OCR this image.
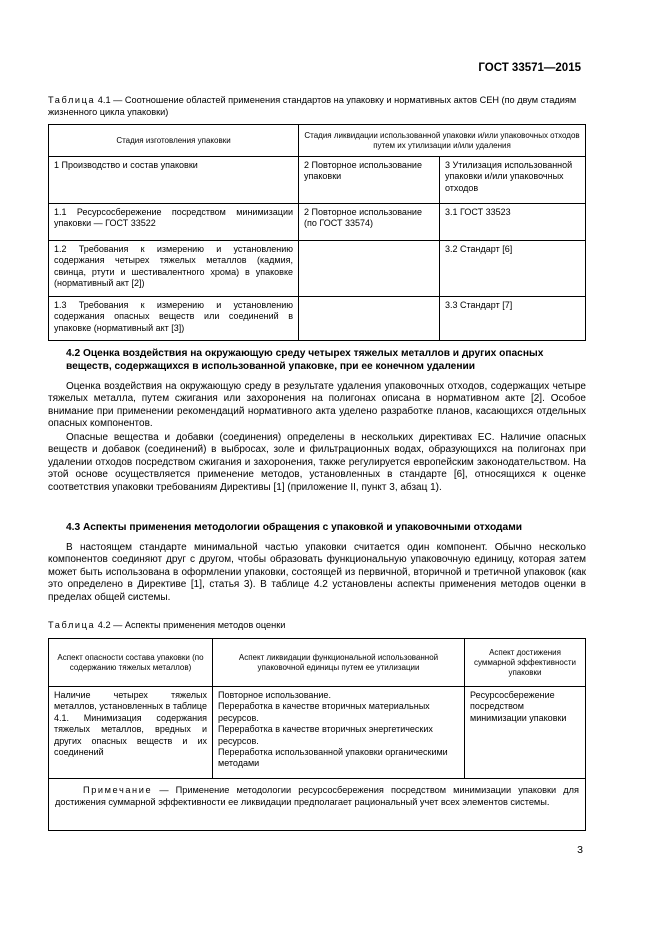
ГОСТ 33571—2015
Таблица 4.1 — Соотношение областей применения стандартов на упаковку и нормативных актов СЕН (по двум стадиям жизненного цикла упаковки)
Стадия изготовления упаковки	Стадия ликвидации использованной упаковки и/или упаковочных отходов путем их утилизации и/или удаления	
1 Производство и состав упаковки	2 Повторное использование упаковки	3 Утилизация использованной упаковки и/или упаковочных отходов
1.1 Ресурсосбережение посредством минимизации упаковки — ГОСТ 33522	2 Повторное использование (по ГОСТ 33574)	3.1 ГОСТ 33523
1.2 Требования к измерению и установлению содержания четырех тяжелых металлов (кадмия, свинца, ртути и шестивалентного хрома) в упаковке (нормативный акт [2])		3.2 Стандарт [6]
1.3 Требования к измерению и установлению содержания опасных веществ или соединений в упаковке (нормативный акт [3])		3.3 Стандарт [7]
4.2 Оценка воздействия на окружающую среду четырех тяжелых металлов и других опасных веществ, содержащихся в использованной упаковке, при ее конечном удалении

Оценка воздействия на окружающую среду в результате удаления упаковочных отходов, содержащих четыре тяжелых металла, путем сжигания или захоронения на полигонах описана в нормативном акте [2]. Особое внимание при применении рекомендаций нормативного акта уделено разработке планов, касающихся отдельных опасных компонентов.

Опасные вещества и добавки (соединения) определены в нескольких директивах ЕС. Наличие опасных веществ и добавок (соединений) в выбросах, золе и фильтрационных водах, образующихся на полигонах при удалении отходов посредством сжигания и захоронения, также регулируется европейским законодательством. На этой основе осуществляется применение методов, установленных в стандарте [6], относящихся к оценке соответствия упаковки требованиям Директивы [1] (приложение II, пункт 3, абзац 1).

4.3 Аспекты применения методологии обращения с упаковкой и упаковочными отходами

В настоящем стандарте минимальной частью упаковки считается один компонент. Обычно несколько компонентов соединяют друг с другом, чтобы образовать функциональную упаковочную единицу, которая затем может быть использована в оформлении упаковки, состоящей из первичной, вторичной и третичной упаковок (как это определено в Директиве [1], статья 3). В таблице 4.2 установлены аспекты применения методов оценки в пределах общей системы.

Таблица 4.2 — Аспекты применения методов оценки
Аспект опасности состава упаковки (по содержанию тяжелых металлов)	Аспект ликвидации функциональной использованной упаковочной единицы путем ее утилизации	Аспект достижения суммарной эффективности упаковки
Наличие четырех тяжелых металлов, установленных в таблице 4.1. Минимизация содержания тяжелых металлов, вредных и других опасных веществ и их соединений	Повторное использование.
Переработка в качестве вторичных материальных ресурсов.
Переработка в качестве вторичных энергетических ресурсов.
Переработка использованной упаковки органическими методами	Ресурсосбережение посредством минимизации упаковки
Примечание — Применение методологии ресурсосбережения посредством минимизации упаковки для достижения суммарной эффективности ее ликвидации предполагает рациональный учет всех элементов системы.		
3
